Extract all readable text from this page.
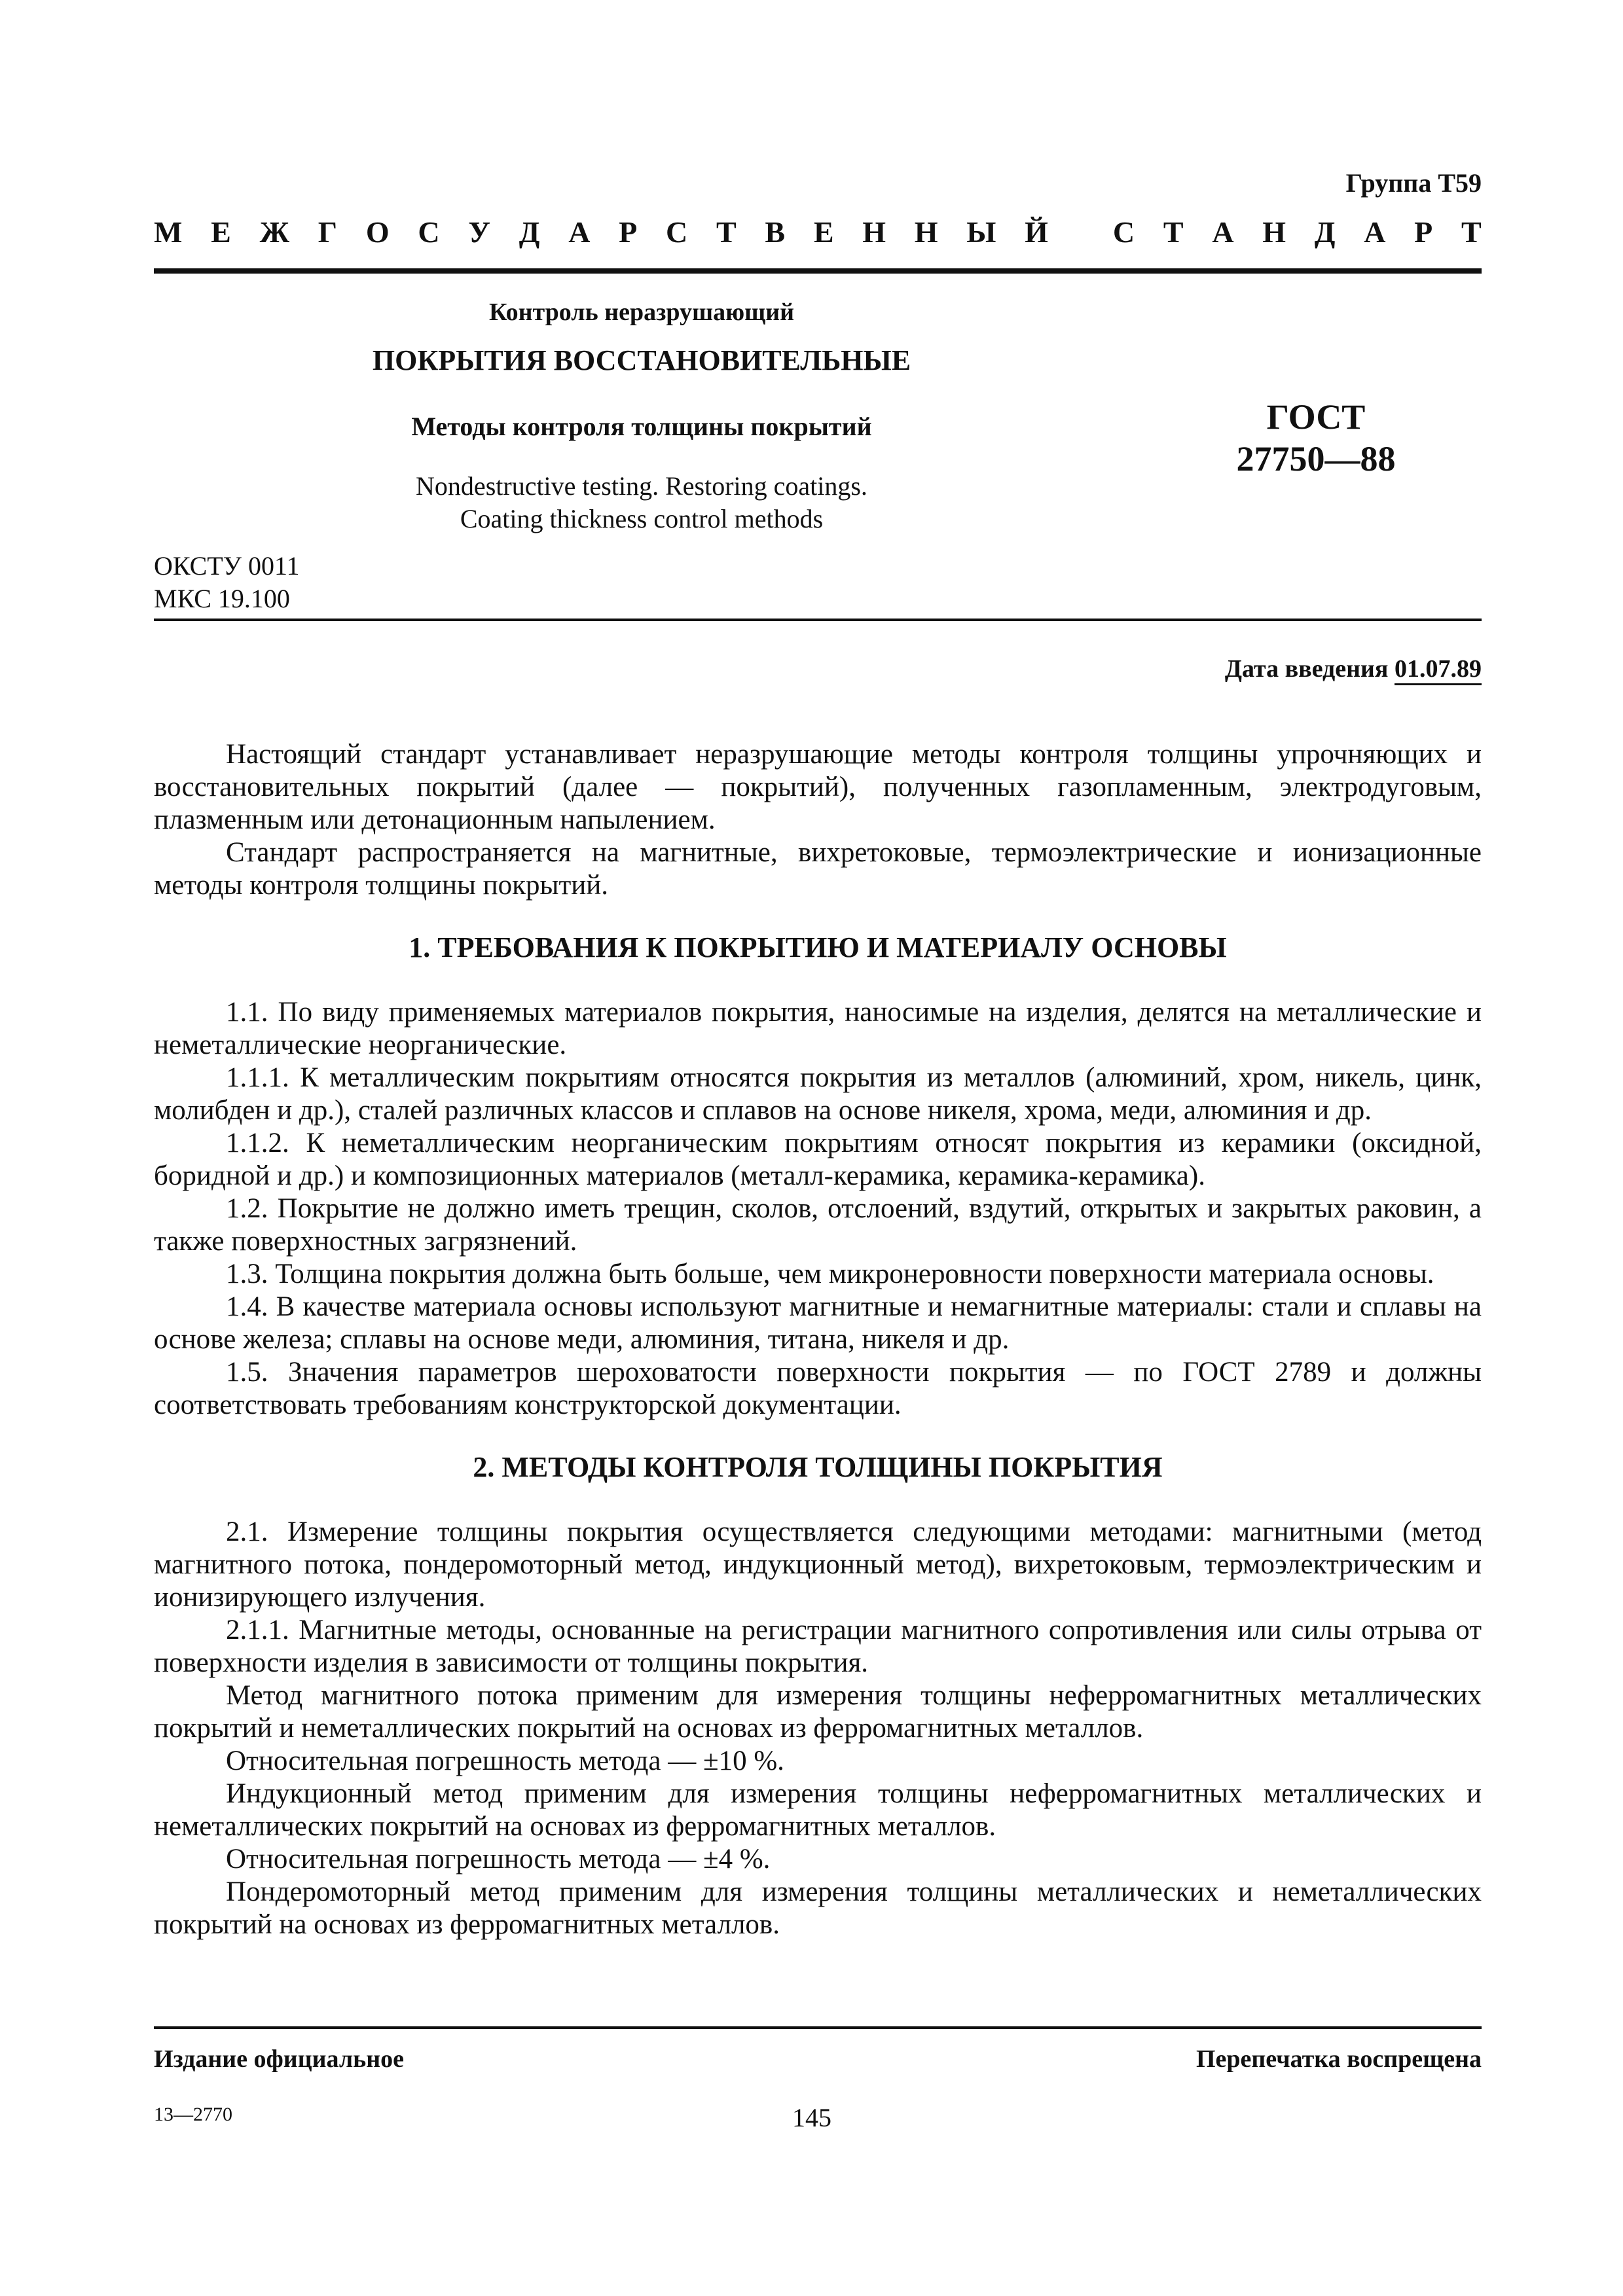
Группа Т59
М Е Ж Г О С У Д А Р С Т В Е Н Н Ы Й
С Т А Н Д А Р Т
Контроль неразрушающий
ПОКРЫТИЯ ВОССТАНОВИТЕЛЬНЫЕ
Методы контроля толщины покрытий
Nondestructive testing. Restoring coatings.
Coating thickness control methods
ГОСТ
27750—88
ОКСТУ 0011
МКС 19.100
Дата введения 01.07.89

Настоящий стандарт устанавливает неразрушающие методы контроля толщины упрочняющих и восстановительных покрытий (далее — покрытий), полученных газопламенным, электродуговым, плазменным или детонационным напылением.

Стандарт распространяется на магнитные, вихретоковые, термоэлектрические и ионизационные методы контроля толщины покрытий.

1. ТРЕБОВАНИЯ К ПОКРЫТИЮ И МАТЕРИАЛУ ОСНОВЫ

1.1. По виду применяемых материалов покрытия, наносимые на изделия, делятся на металлические и неметаллические неорганические.

1.1.1. К металлическим покрытиям относятся покрытия из металлов (алюминий, хром, никель, цинк, молибден и др.), сталей различных классов и сплавов на основе никеля, хрома, меди, алюминия и др.

1.1.2. К неметаллическим неорганическим покрытиям относят покрытия из керамики (оксидной, боридной и др.) и композиционных материалов (металл-керамика, керамика-керамика).

1.2. Покрытие не должно иметь трещин, сколов, отслоений, вздутий, открытых и закрытых раковин, а также поверхностных загрязнений.

1.3. Толщина покрытия должна быть больше, чем микронеровности поверхности материала основы.

1.4. В качестве материала основы используют магнитные и немагнитные материалы: стали и сплавы на основе железа; сплавы на основе меди, алюминия, титана, никеля и др.

1.5. Значения параметров шероховатости поверхности покрытия — по ГОСТ 2789 и должны соответствовать требованиям конструкторской документации.

2. МЕТОДЫ КОНТРОЛЯ ТОЛЩИНЫ ПОКРЫТИЯ

2.1. Измерение толщины покрытия осуществляется следующими методами: магнитными (метод магнитного потока, пондеромоторный метод, индукционный метод), вихретоковым, термоэлектрическим и ионизирующего излучения.

2.1.1. Магнитные методы, основанные на регистрации магнитного сопротивления или силы отрыва от поверхности изделия в зависимости от толщины покрытия.

Метод магнитного потока применим для измерения толщины неферромагнитных металлических покрытий и неметаллических покрытий на основах из ферромагнитных металлов.

Относительная погрешность метода — ±10 %.

Индукционный метод применим для измерения толщины неферромагнитных металлических и неметаллических покрытий на основах из ферромагнитных металлов.

Относительная погрешность метода — ±4 %.

Пондеромоторный метод применим для измерения толщины металлических и неметаллических покрытий на основах из ферромагнитных металлов.

Издание официальное	Перепечатка воспрещена
13—2770	145
